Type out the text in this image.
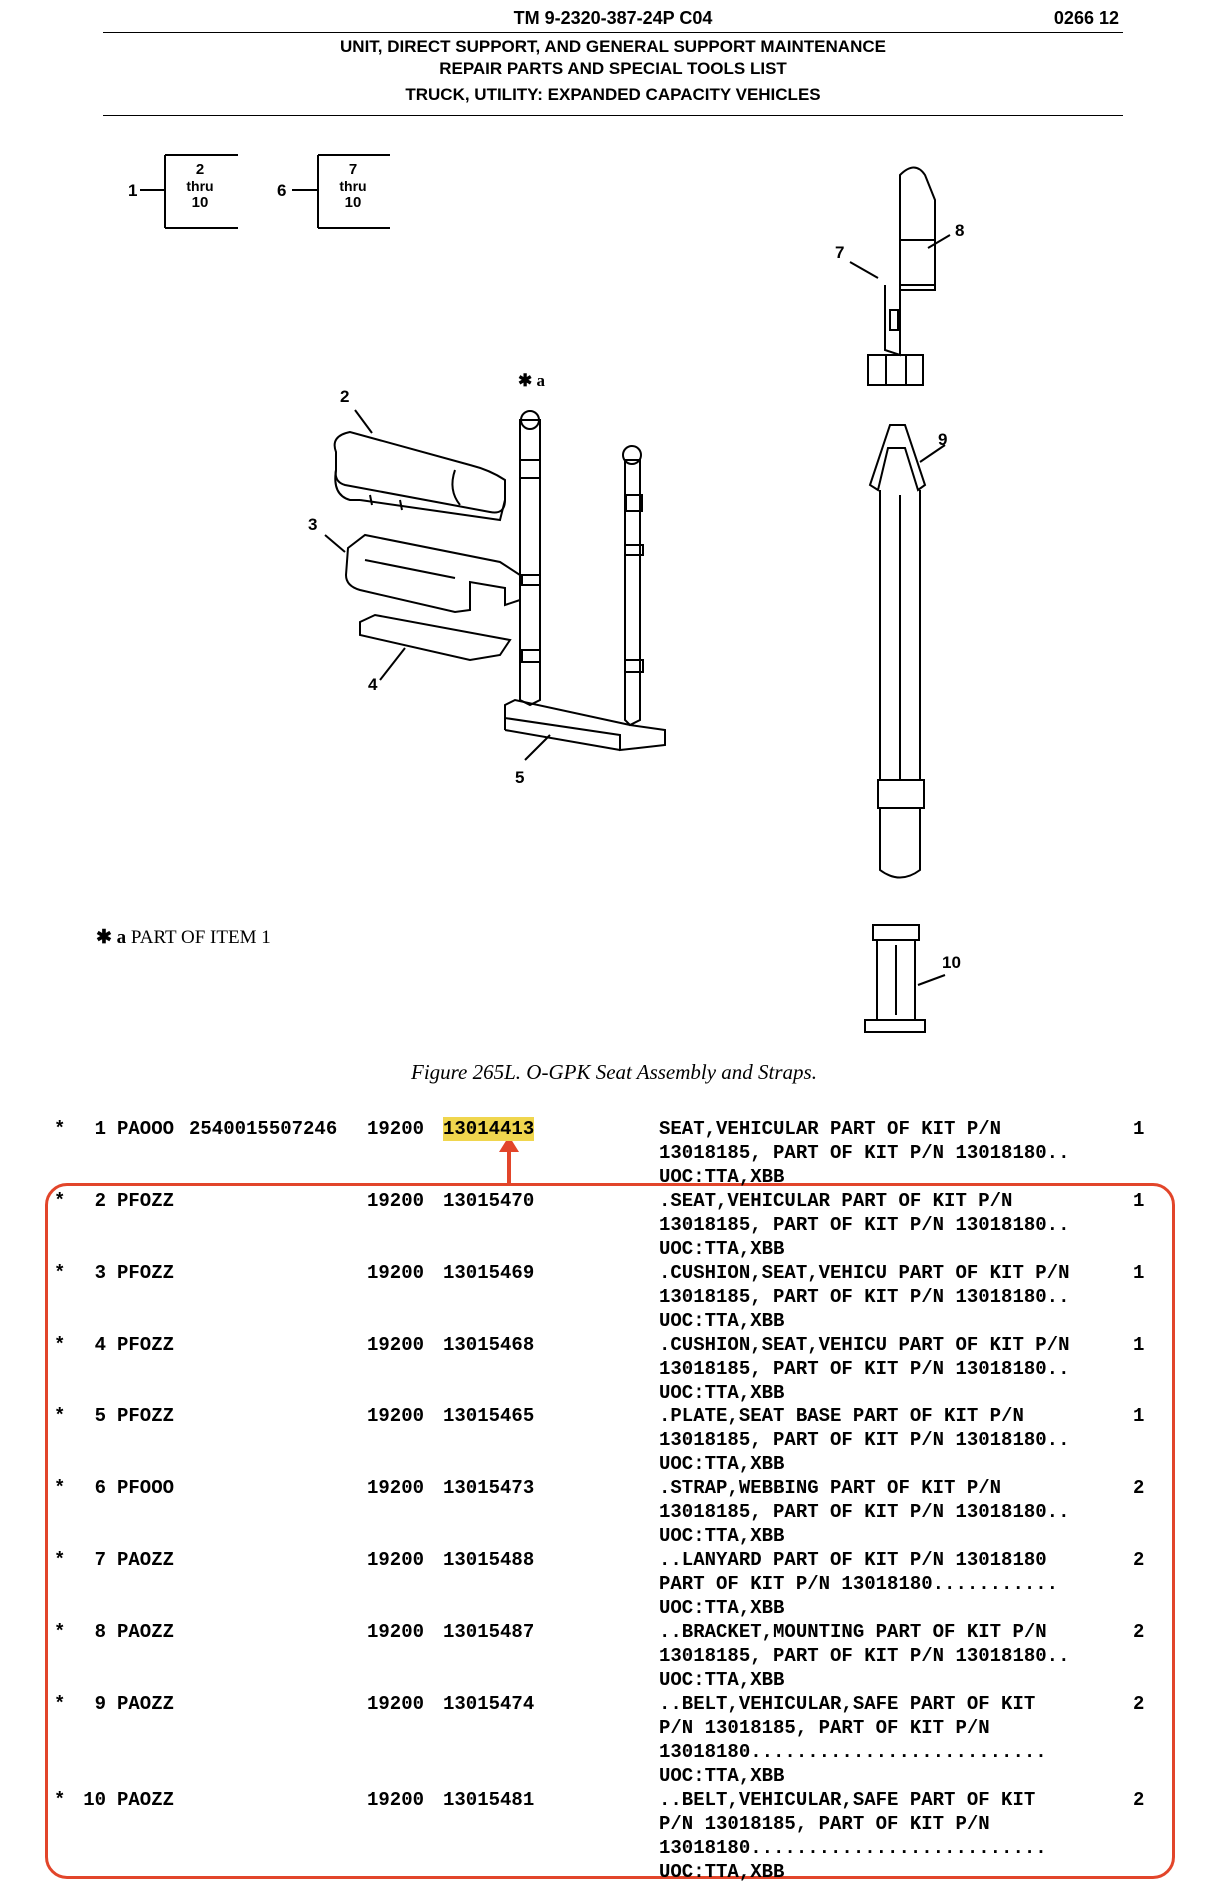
TM 9-2320-387-24P C04	0266 12
UNIT, DIRECT SUPPORT, AND GENERAL SUPPORT MAINTENANCE
REPAIR PARTS AND SPECIAL TOOLS LIST
TRUCK, UTILITY: EXPANDED CAPACITY VEHICLES
1	6
2
3
4
5
7
8
9
10
✱ a
2
thru
10
7
thru
10
✱ a PART OF ITEM 1
Figure 265L. O-GPK Seat Assembly and Straps.
*	1 PAOOO 2540015507246 19200 13014413	SEAT,VEHICULAR PART OF KIT P/N
13018185, PART OF KIT P/N 13018180..
UOC:TTA,XBB
1
*	2 PFOZZ	19200 13015470	.SEAT,VEHICULAR PART OF KIT P/N
13018185, PART OF KIT P/N 13018180..
UOC:TTA,XBB
1
*	3 PFOZZ	19200 13015469	.CUSHION,SEAT,VEHICU PART OF KIT P/N
13018185, PART OF KIT P/N 13018180..
UOC:TTA,XBB
1
*	4 PFOZZ	19200 13015468	.CUSHION,SEAT,VEHICU PART OF KIT P/N
13018185, PART OF KIT P/N 13018180..
UOC:TTA,XBB
1
*	5 PFOZZ	19200 13015465	.PLATE,SEAT BASE PART OF KIT P/N
13018185, PART OF KIT P/N 13018180..
UOC:TTA,XBB
1
*	6 PFOOO	19200 13015473	.STRAP,WEBBING PART OF KIT P/N
13018185, PART OF KIT P/N 13018180..
UOC:TTA,XBB
2
*	7 PAOZZ	19200 13015488	..LANYARD PART OF KIT P/N 13018180
PART OF KIT P/N 13018180...........
UOC:TTA,XBB
2
*	8 PAOZZ	19200 13015487	..BRACKET,MOUNTING PART OF KIT P/N
13018185, PART OF KIT P/N 13018180..
UOC:TTA,XBB
2
*	9 PAOZZ	19200 13015474	..BELT,VEHICULAR,SAFE PART OF KIT
P/N 13018185, PART OF KIT P/N
13018180..........................
UOC:TTA,XBB
2
* 10 PAOZZ	19200 13015481	..BELT,VEHICULAR,SAFE PART OF KIT
P/N 13018185, PART OF KIT P/N
13018180..........................
UOC:TTA,XBB
2
